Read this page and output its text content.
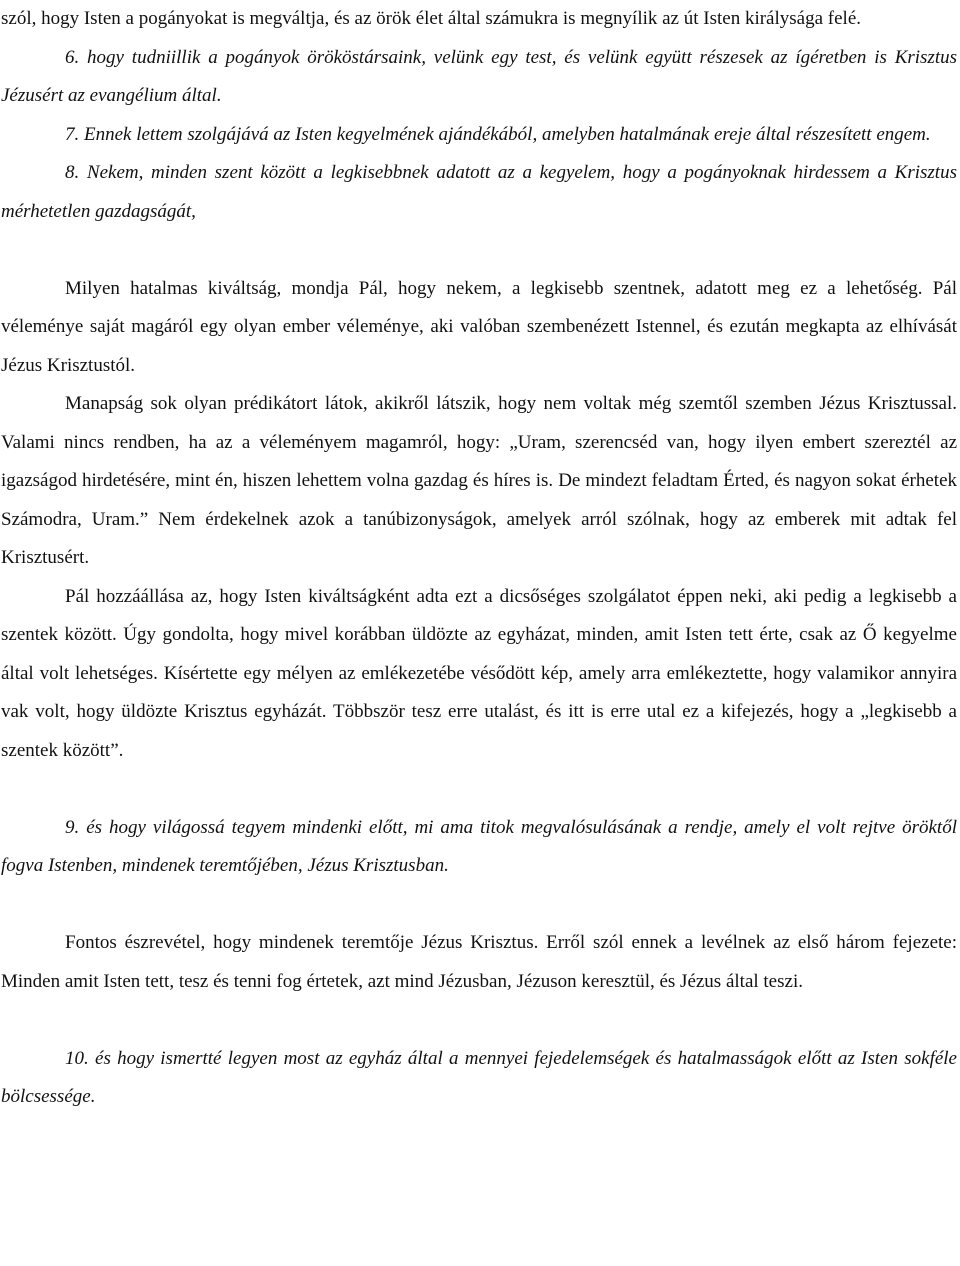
szól, hogy Isten a pogányokat is megváltja, és az örök élet által számukra is megnyílik az út Isten királysága felé.

6. hogy tudniillik a pogányok örököstársaink, velünk egy test, és velünk együtt részesek az ígéretben is Krisztus Jézusért az evangélium által.

7. Ennek lettem szolgájává az Isten kegyelmének ajándékából, amelyben hatalmának ereje által részesített engem.

8. Nekem, minden szent között a legkisebbnek adatott az a kegyelem, hogy a pogányoknak hirdessem a Krisztus mérhetetlen gazdagságát,

Milyen hatalmas kiváltság, mondja Pál, hogy nekem, a legkisebb szentnek, adatott meg ez a lehetőség. Pál véleménye saját magáról egy olyan ember véleménye, aki valóban szembenézett Istennel, és ezután megkapta az elhívását Jézus Krisztustól.

Manapság sok olyan prédikátort látok, akikről látszik, hogy nem voltak még szemtől szemben Jézus Krisztussal. Valami nincs rendben, ha az a véleményem magamról, hogy: „Uram, szerencséd van, hogy ilyen embert szereztél az igazságod hirdetésére, mint én, hiszen lehettem volna gazdag és híres is. De mindezt feladtam Érted, és nagyon sokat érhetek Számodra, Uram.” Nem érdekelnek azok a tanúbizonyságok, amelyek arról szólnak, hogy az emberek mit adtak fel Krisztusért.

Pál hozzáállása az, hogy Isten kiváltságként adta ezt a dicsőséges szolgálatot éppen neki, aki pedig a legkisebb a szentek között. Úgy gondolta, hogy mivel korábban üldözte az egyházat, minden, amit Isten tett érte, csak az Ő kegyelme által volt lehetséges. Kísértette egy mélyen az emlékezetébe vésődött kép, amely arra emlékeztette, hogy valamikor annyira vak volt, hogy üldözte Krisztus egyházát. Többször tesz erre utalást, és itt is erre utal ez a kifejezés, hogy a „legkisebb a szentek között”.

9. és hogy világossá tegyem mindenki előtt, mi ama titok megvalósulásának a rendje, amely el volt rejtve öröktől fogva Istenben, mindenek teremtőjében, Jézus Krisztusban.

Fontos észrevétel, hogy mindenek teremtője Jézus Krisztus. Erről szól ennek a levélnek az első három fejezete: Minden amit Isten tett, tesz és tenni fog értetek, azt mind Jézusban, Jézuson keresztül, és Jézus által teszi.

10. és hogy ismertté legyen most az egyház által a mennyei fejedelemségek és hatalmasságok előtt az Isten sokféle bölcsessége.
